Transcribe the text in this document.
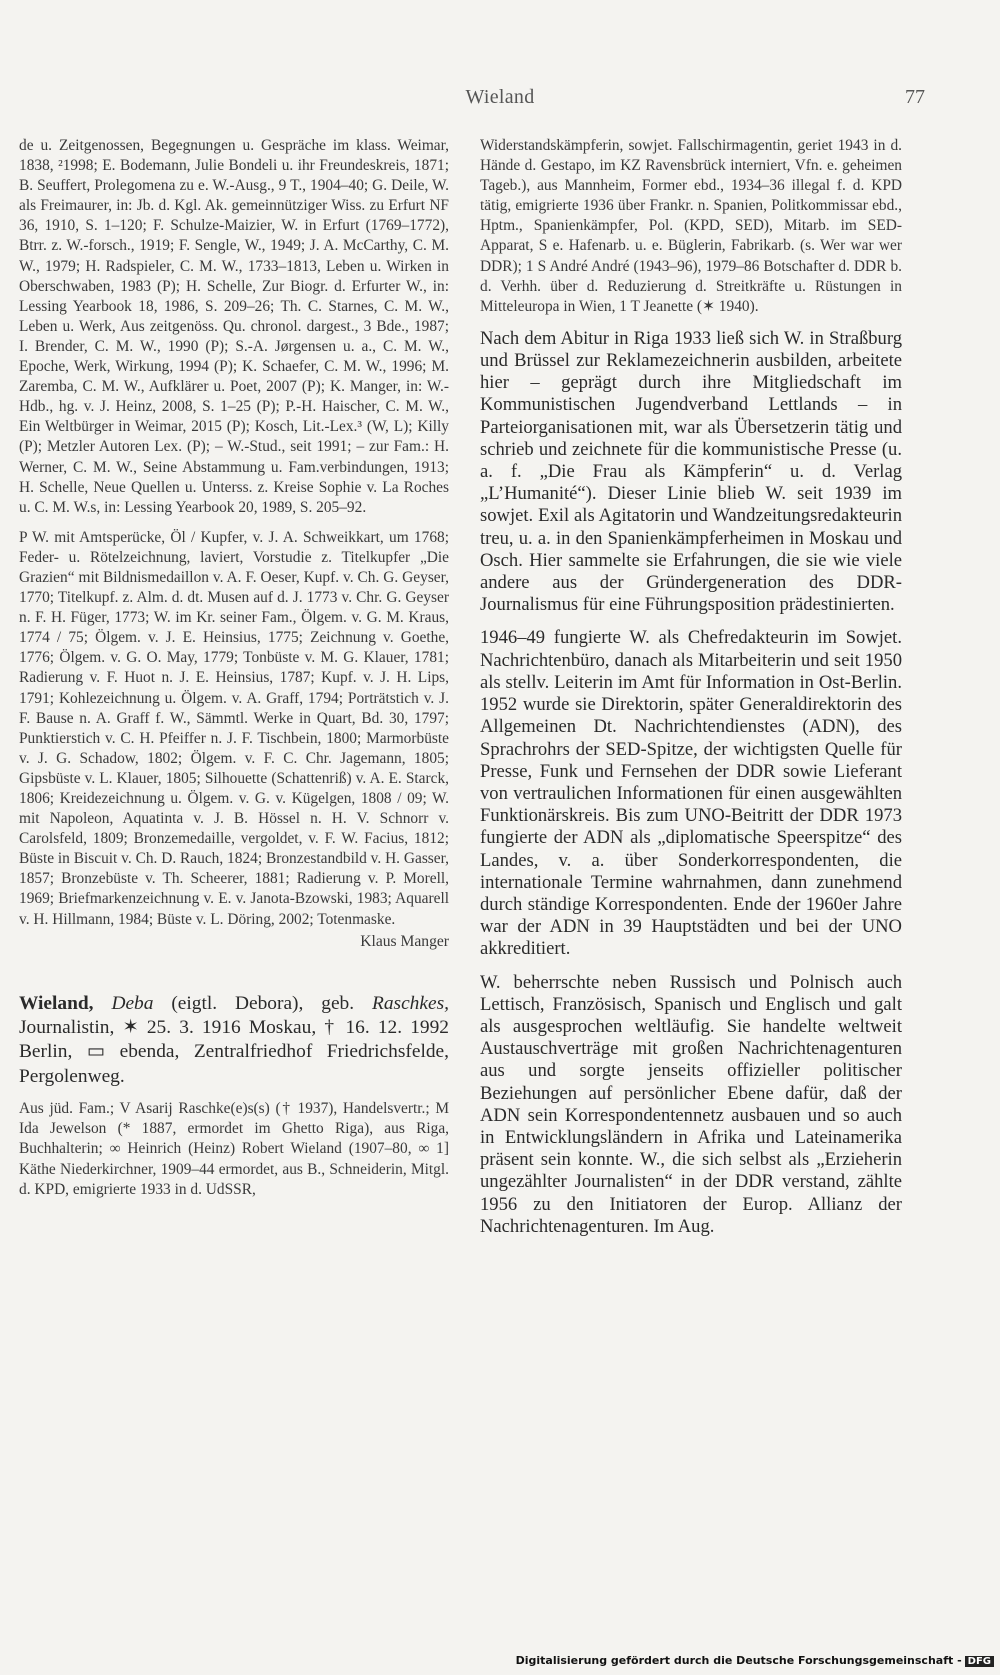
Wieland	77

de u. Zeitgenossen, Begegnungen u. Gespräche im klass. Weimar, 1838, ²1998; E. Bodemann, Julie Bondeli u. ihr Freundeskreis, 1871; B. Seuffert, Prolegomena zu e. W.-Ausg., 9 T., 1904–40; G. Deile, W. als Freimaurer, in: Jb. d. Kgl. Ak. gemeinnütziger Wiss. zu Erfurt NF 36, 1910, S. 1–120; F. Schulze-Maizier, W. in Erfurt (1769–1772), Btrr. z. W.-forsch., 1919; F. Sengle, W., 1949; J. A. McCarthy, C. M. W., 1979; H. Radspieler, C. M. W., 1733–1813, Leben u. Wirken in Oberschwaben, 1983 (P); H. Schelle, Zur Biogr. d. Erfurter W., in: Lessing Yearbook 18, 1986, S. 209–26; Th. C. Starnes, C. M. W., Leben u. Werk, Aus zeitgenöss. Qu. chronol. dargest., 3 Bde., 1987; I. Brender, C. M. W., 1990 (P); S.-A. Jørgensen u. a., C. M. W., Epoche, Werk, Wirkung, 1994 (P); K. Schaefer, C. M. W., 1996; M. Zaremba, C. M. W., Aufklärer u. Poet, 2007 (P); K. Manger, in: W.-Hdb., hg. v. J. Heinz, 2008, S. 1–25 (P); P.-H. Haischer, C. M. W., Ein Weltbürger in Weimar, 2015 (P); Kosch, Lit.-Lex.³ (W, L); Killy (P); Metzler Autoren Lex. (P); – W.-Stud., seit 1991; – zur Fam.: H. Werner, C. M. W., Seine Abstammung u. Fam.verbindungen, 1913; H. Schelle, Neue Quellen u. Unterss. z. Kreise Sophie v. La Roches u. C. M. W.s, in: Lessing Yearbook 20, 1989, S. 205–92.

P W. mit Amtsperücke, Öl / Kupfer, v. J. A. Schweikkart, um 1768; Feder- u. Rötelzeichnung, laviert, Vorstudie z. Titelkupfer „Die Grazien“ mit Bildnismedaillon v. A. F. Oeser, Kupf. v. Ch. G. Geyser, 1770; Titelkupf. z. Alm. d. dt. Musen auf d. J. 1773 v. Chr. G. Geyser n. F. H. Füger, 1773; W. im Kr. seiner Fam., Ölgem. v. G. M. Kraus, 1774 / 75; Ölgem. v. J. E. Heinsius, 1775; Zeichnung v. Goethe, 1776; Ölgem. v. G. O. May, 1779; Tonbüste v. M. G. Klauer, 1781; Radierung v. F. Huot n. J. E. Heinsius, 1787; Kupf. v. J. H. Lips, 1791; Kohlezeichnung u. Ölgem. v. A. Graff, 1794; Porträtstich v. J. F. Bause n. A. Graff f. W., Sämmtl. Werke in Quart, Bd. 30, 1797; Punktierstich v. C. H. Pfeiffer n. J. F. Tischbein, 1800; Marmorbüste v. J. G. Schadow, 1802; Ölgem. v. F. C. Chr. Jagemann, 1805; Gipsbüste v. L. Klauer, 1805; Silhouette (Schattenriß) v. A. E. Starck, 1806; Kreidezeichnung u. Ölgem. v. G. v. Kügelgen, 1808 / 09; W. mit Napoleon, Aquatinta v. J. B. Hössel n. H. V. Schnorr v. Carolsfeld, 1809; Bronzemedaille, vergoldet, v. F. W. Facius, 1812; Büste in Biscuit v. Ch. D. Rauch, 1824; Bronzestandbild v. H. Gasser, 1857; Bronzebüste v. Th. Scheerer, 1881; Radierung v. P. Morell, 1969; Briefmarkenzeichnung v. E. v. Janota-Bzowski, 1983; Aquarell v. H. Hillmann, 1984; Büste v. L. Döring, 2002; Totenmaske.

Klaus Manger

Wieland, Deba (eigtl. Debora), geb. Raschkes, Journalistin, ✶ 25. 3. 1916 Moskau, † 16. 12. 1992 Berlin, ▭ ebenda, Zentralfriedhof Friedrichsfelde, Pergolenweg.

Aus jüd. Fam.; V Asarij Raschke(e)s(s) († 1937), Handelsvertr.; M Ida Jewelson (* 1887, ermordet im Ghetto Riga), aus Riga, Buchhalterin; ∞ Heinrich (Heinz) Robert Wieland (1907–80, ∞ 1] Käthe Niederkirchner, 1909–44 ermordet, aus B., Schneiderin, Mitgl. d. KPD, emigrierte 1933 in d. UdSSR,

Widerstandskämpferin, sowjet. Fallschirmagentin, geriet 1943 in d. Hände d. Gestapo, im KZ Ravensbrück interniert, Vfn. e. geheimen Tageb.), aus Mannheim, Former ebd., 1934–36 illegal f. d. KPD tätig, emigrierte 1936 über Frankr. n. Spanien, Politkommissar ebd., Hptm., Spanienkämpfer, Pol. (KPD, SED), Mitarb. im SED-Apparat, S e. Hafenarb. u. e. Büglerin, Fabrikarb. (s. Wer war wer DDR); 1 S André André (1943–96), 1979–86 Botschafter d. DDR b. d. Verhh. über d. Reduzierung d. Streitkräfte u. Rüstungen in Mitteleuropa in Wien, 1 T Jeanette (✶ 1940).

Nach dem Abitur in Riga 1933 ließ sich W. in Straßburg und Brüssel zur Reklamezeichnerin ausbilden, arbeitete hier – geprägt durch ihre Mitgliedschaft im Kommunistischen Jugendverband Lettlands – in Parteiorganisationen mit, war als Übersetzerin tätig und schrieb und zeichnete für die kommunistische Presse (u. a. f. „Die Frau als Kämpferin“ u. d. Verlag „L’Humanité“). Dieser Linie blieb W. seit 1939 im sowjet. Exil als Agitatorin und Wandzeitungsredakteurin treu, u. a. in den Spanienkämpferheimen in Moskau und Osch. Hier sammelte sie Erfahrungen, die sie wie viele andere aus der Gründergeneration des DDR-Journalismus für eine Führungsposition prädestinierten.

1946–49 fungierte W. als Chefredakteurin im Sowjet. Nachrichtenbüro, danach als Mitarbeiterin und seit 1950 als stellv. Leiterin im Amt für Information in Ost-Berlin. 1952 wurde sie Direktorin, später Generaldirektorin des Allgemeinen Dt. Nachrichtendienstes (ADN), des Sprachrohrs der SED-Spitze, der wichtigsten Quelle für Presse, Funk und Fernsehen der DDR sowie Lieferant von vertraulichen Informationen für einen ausgewählten Funktionärskreis. Bis zum UNO-Beitritt der DDR 1973 fungierte der ADN als „diplomatische Speerspitze“ des Landes, v. a. über Sonderkorrespondenten, die internationale Termine wahrnahmen, dann zunehmend durch ständige Korrespondenten. Ende der 1960er Jahre war der ADN in 39 Hauptstädten und bei der UNO akkreditiert.

W. beherrschte neben Russisch und Polnisch auch Lettisch, Französisch, Spanisch und Englisch und galt als ausgesprochen weltläufig. Sie handelte weltweit Austauschverträge mit großen Nachrichtenagenturen aus und sorgte jenseits offizieller politischer Beziehungen auf persönlicher Ebene dafür, daß der ADN sein Korrespondentennetz ausbauen und so auch in Entwicklungsländern in Afrika und Lateinamerika präsent sein konnte. W., die sich selbst als „Erzieherin ungezählter Journalisten“ in der DDR verstand, zählte 1956 zu den Initiatoren der Europ. Allianz der Nachrichtenagenturen. Im Aug.

Digitalisierung gefördert durch die Deutsche Forschungsgemeinschaft - DFG
